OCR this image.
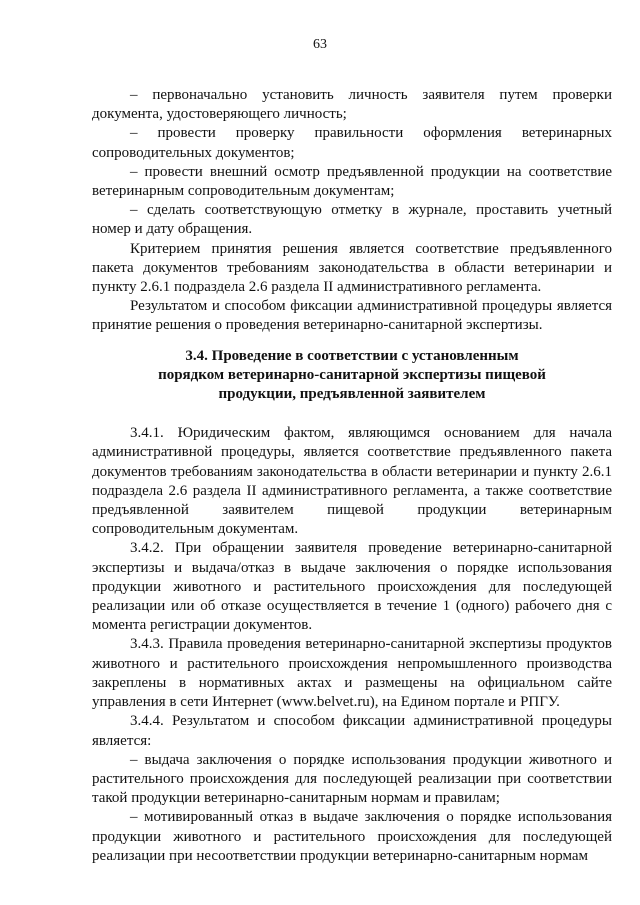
63

– первоначально установить личность заявителя путем проверки документа, удостоверяющего личность;

– провести проверку правильности оформления ветеринарных сопроводительных документов;

– провести внешний осмотр предъявленной продукции на соответствие ветеринарным сопроводительным документам;

– сделать соответствующую отметку в журнале, проставить учетный номер и дату обращения.

Критерием принятия решения является соответствие предъявленного пакета документов требованиям законодательства в области ветеринарии и пункту 2.6.1 подраздела 2.6 раздела II административного регламента.

Результатом и способом фиксации административной процедуры является принятие решения о проведения ветеринарно-санитарной экспертизы.

3.4. Проведение в соответствии с установленным
порядком ветеринарно-санитарной экспертизы пищевой
продукции, предъявленной заявителем

3.4.1. Юридическим фактом, являющимся основанием для начала административной процедуры, является соответствие предъявленного пакета документов требованиям законодательства в области ветеринарии и пункту 2.6.1 подраздела 2.6 раздела II административного регламента, а также соответствие предъявленной заявителем пищевой продукции ветеринарным сопроводительным документам.

3.4.2. При обращении заявителя проведение ветеринарно-санитарной экспертизы и выдача/отказ в выдаче заключения о порядке использования продукции животного и растительного происхождения для последующей реализации или об отказе осуществляется в течение 1 (одного) рабочего дня с момента регистрации документов.

3.4.3. Правила проведения ветеринарно-санитарной экспертизы продуктов животного и растительного происхождения непромышленного производства закреплены в нормативных актах и размещены на официальном сайте управления в сети Интернет (www.belvet.ru), на Едином портале и РПГУ.

3.4.4. Результатом и способом фиксации административной процедуры является:

– выдача заключения о порядке использования продукции животного и растительного происхождения для последующей реализации при соответствии такой продукции ветеринарно-санитарным нормам и правилам;

– мотивированный отказ в выдаче заключения о порядке использования продукции животного и растительного происхождения для последующей реализации при несоответствии продукции ветеринарно-санитарным нормам
